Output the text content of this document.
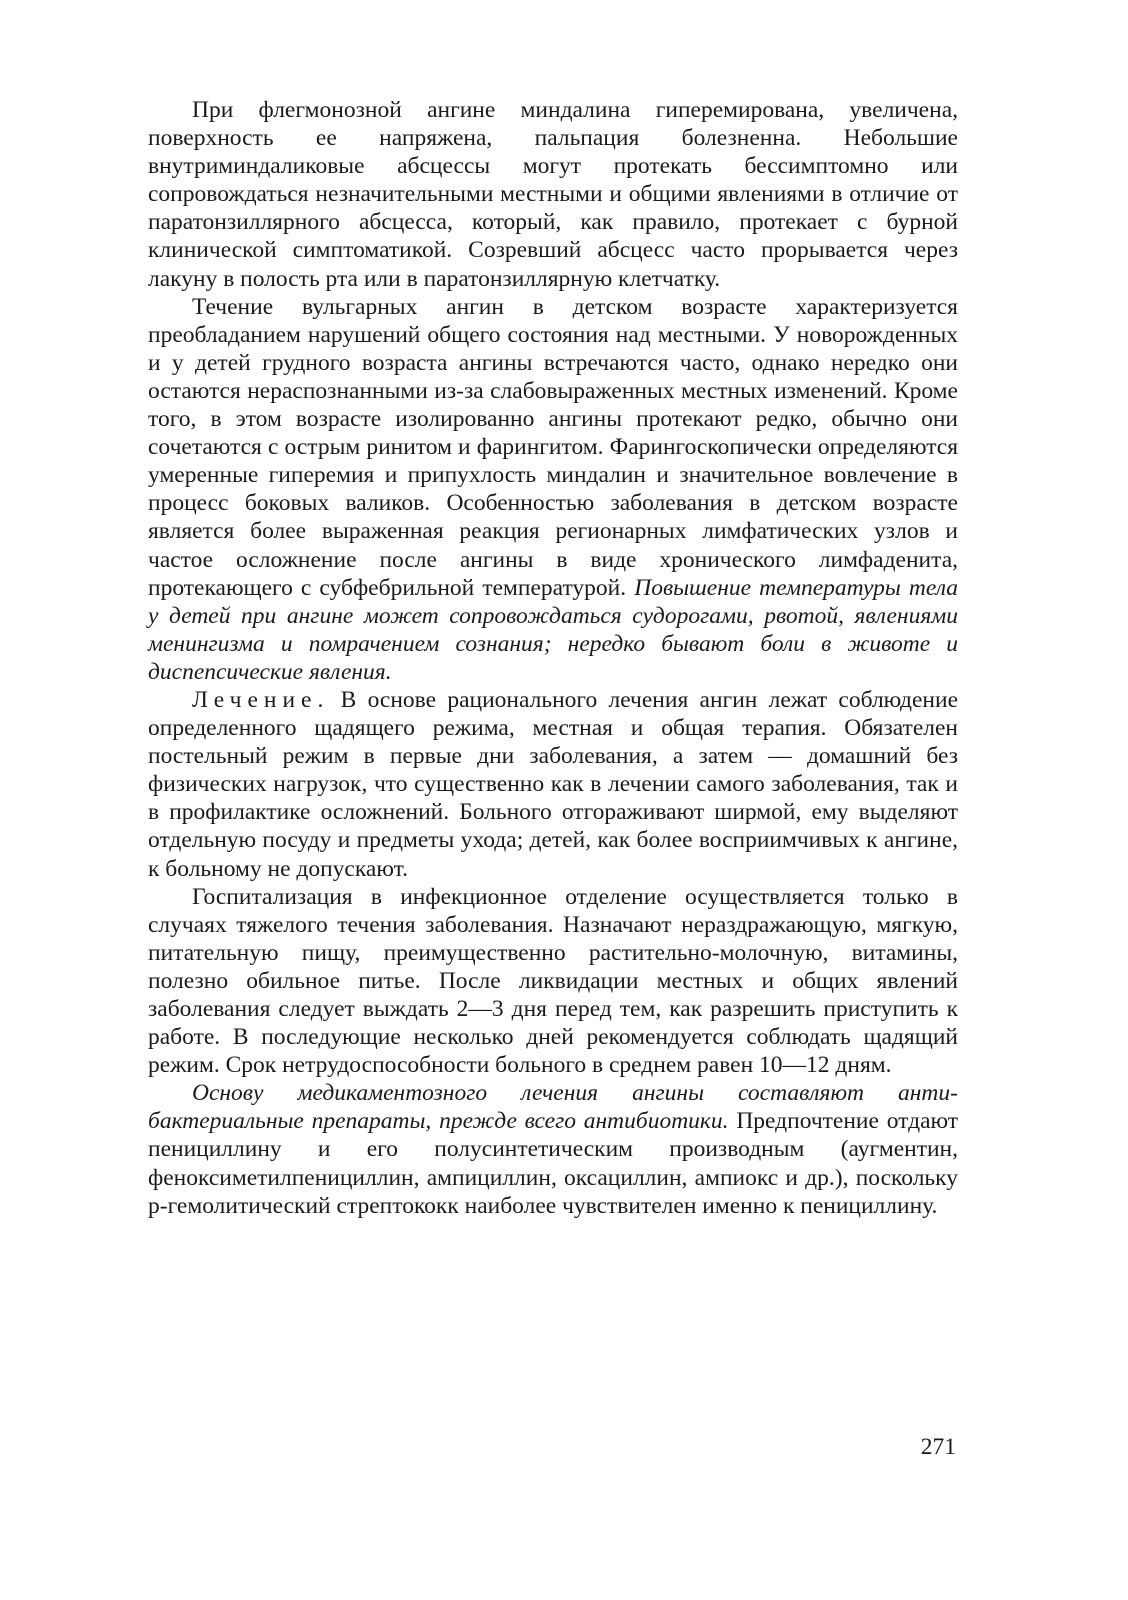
При флегмонозной ангине миндалина гиперемирована, увеличена, поверхность ее напряжена, пальпация болезненна. Небольшие внутриминдаликовые абсцессы могут протекать бессимптомно или сопровождаться незначительными местными и общими явлениями в отличие от паратонзиллярного абсцесса, который, как правило, протекает с бурной клинической симптоматикой. Созревший абсцесс часто прорывается через лакуну в полость рта или в паратонзиллярную клетчатку.

Течение вульгарных ангин в детском возрасте характеризуется преобладанием нарушений общего состояния над местными. У новорожденных и у детей грудного возраста ангины встречаются часто, однако нередко они остаются нераспознанными из-за слабовыраженных местных изменений. Кроме того, в этом возрасте изолированно ангины протекают редко, обычно они сочетаются с острым ринитом и фарингитом. Фарингоскопически определяются умеренные гиперемия и припухлость миндалин и значительное вовлечение в процесс боковых валиков. Особенностью заболевания в детском возрасте является более выраженная реакция регионарных лимфатических узлов и частое осложнение после ангины в виде хронического лимфаденита, протекающего с субфебрильной температурой. Повышение температуры тела у детей при ангине может сопровождаться судорогами, рвотой, явлениями менингизма и помрачением сознания; нередко бывают боли в животе и диспепсические явления.

Лечение. В основе рационального лечения ангин лежат соблюдение определенного щадящего режима, местная и общая терапия. Обязателен постельный режим в первые дни заболевания, а затем — домашний без физических нагрузок, что существенно как в лечении самого заболевания, так и в профилактике осложнений. Больного отгораживают ширмой, ему выделяют отдельную посуду и предметы ухода; детей, как более восприимчивых к ангине, к больному не допускают.

Госпитализация в инфекционное отделение осуществляется только в случаях тяжелого течения заболевания. Назначают нераздражающую, мягкую, питательную пищу, преимущественно растительно-молочную, витамины, полезно обильное питье. После ликвидации местных и общих явлений заболевания следует выждать 2—3 дня перед тем, как разрешить приступить к работе. В последующие несколько дней рекомендуется соблюдать щадящий режим. Срок нетрудоспособности больного в среднем равен 10—12 дням.

Основу медикаментозного лечения ангины составляют антибактериальные препараты, прежде всего антибиотики. Предпочтение отдают пенициллину и его полусинтетическим производным (аугментин, феноксиметилпенициллин, ампициллин, оксациллин, ампиокс и др.), поскольку р-гемолитический стрептококк наиболее чувствителен именно к пенициллину.

271
